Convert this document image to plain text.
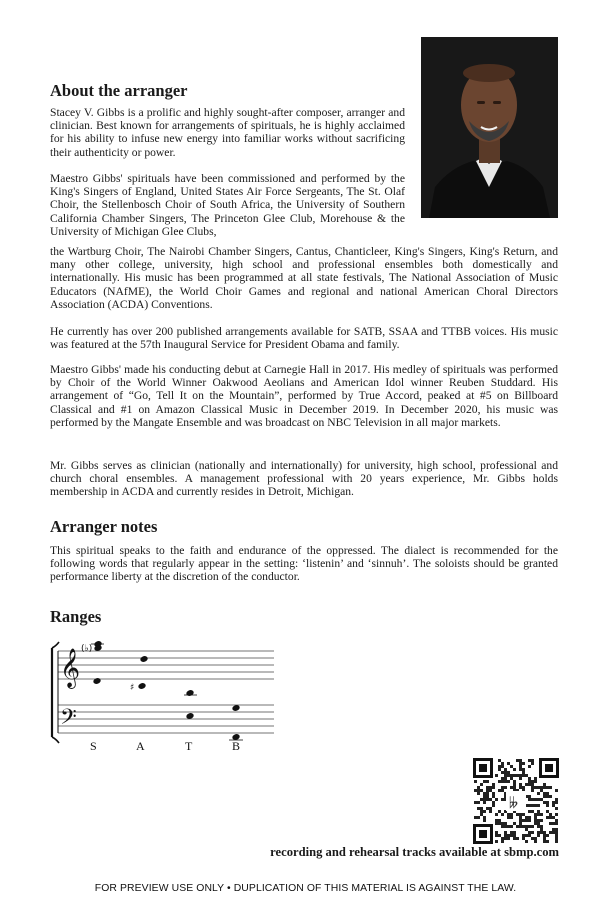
About the arranger

Stacey V. Gibbs is a prolific and highly sought-after composer, arranger and clinician. Best known for arrangements of spirituals, he is highly acclaimed for his ability to infuse new energy into familiar works without sacrificing their authenticity or power.

Maestro Gibbs' spirituals have been commissioned and performed by the King's Singers of England, United States Air Force Sergeants, The St. Olaf Choir, the Stellenbosch Choir of South Africa, the University of Southern California Chamber Singers, The Princeton Glee Club, Morehouse & the University of Michigan Glee Clubs,

the Wartburg Choir, The Nairobi Chamber Singers, Cantus, Chanticleer, King's Singers, King's Return, and many other college, university, high school and professional ensembles both domestically and internationally. His music has been programmed at all state festivals, The National Association of Music Educators (NAfME), the World Choir Games and regional and national American Choral Directors Association (ACDA) Conventions.

He currently has over 200 published arrangements available for SATB, SSAA and TTBB voices. His music was featured at the 57th Inaugural Service for President Obama and family.

Maestro Gibbs' made his conducting debut at Carnegie Hall in 2017. His medley of spirituals was performed by Choir of the World Winner Oakwood Aeolians and American Idol winner Reuben Studdard. His arrangement of “Go, Tell It on the Mountain”, performed by True Accord, peaked at #5 on Billboard Classical and #1 on Amazon Classical Music in December 2019. In December 2020, his music was performed by the Mangate Ensemble and was broadcast on NBC Television in all major markets.

Mr. Gibbs serves as clinician (nationally and internationally) for university, high school, professional and church choral ensembles. A management professional with 20 years experience, Mr. Gibbs holds membership in ACDA and currently resides in Detroit, Michigan.

Arranger notes

This spiritual speaks to the faith and endurance of the oppressed. The dialect is recommended for the following words that regularly appear in the setting: ‘listenin’ and ‘sinnuh’. The soloists should be granted performance liberty at the discretion of the conductor.

Ranges
𝄞
𝄢
(♭)
♯
S	A	T	B
𝄫

recording and rehearsal tracks available at sbmp.com

FOR PREVIEW USE ONLY • DUPLICATION OF THIS MATERIAL IS AGAINST THE LAW.
